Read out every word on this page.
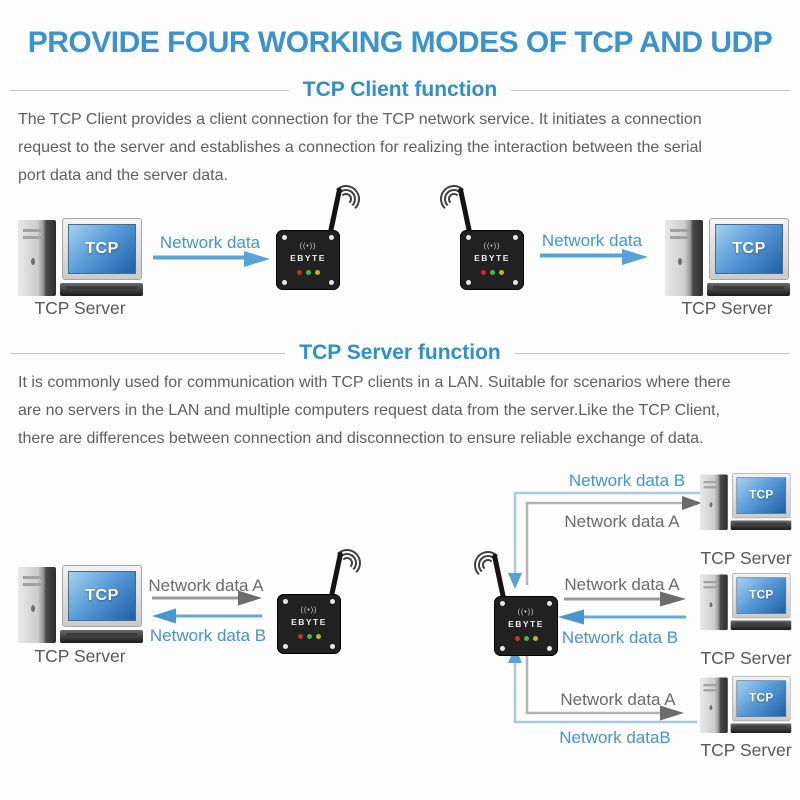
PROVIDE FOUR WORKING MODES OF TCP AND UDP
TCP Client function
The TCP Client provides a client connection for the TCP network service. It initiates a connection
request to the server and establishes a connection for realizing the interaction between the serial
port data and the server data.
TCP
TCP Server
Network data	Network data
((•))
EBYTE
((•))
EBYTE
TCP
TCP Server
TCP Server function
It is commonly used for communication with TCP clients in a LAN. Suitable for scenarios where there
are no servers in the LAN and multiple computers request data from the server.Like the TCP Client,
there are differences between connection and disconnection to ensure reliable exchange of data.
TCP
TCP Server
Network data A
Network data B
((•))
EBYTE
((•))
EBYTE
Network data B
Network data A
Network data A
Network data B
Network data A
Network dataB
TCP
TCP Server
TCP
TCP Server
TCP
TCP Server
